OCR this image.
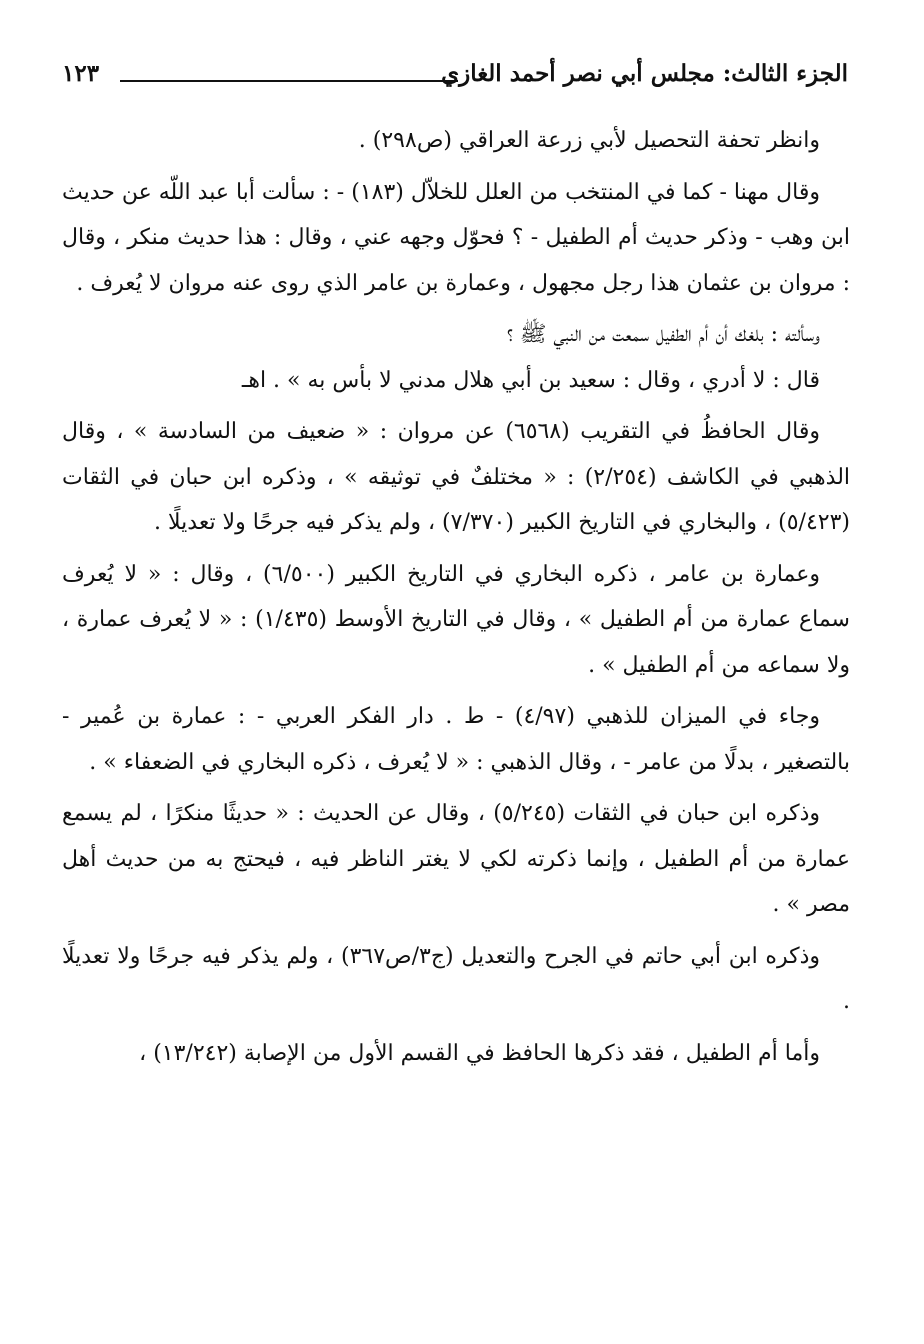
الجزء الثالث: مجلس أبي نصر أحمد الغازي
١٢٣

وانظر تحفة التحصيل لأبي زرعة العراقي (ص٢٩٨) .

وقال مهنا - كما في المنتخب من العلل للخلاّل (١٨٣) - : سألت أبا عبد اللّه عن حديث ابن وهب - وذكر حديث أم الطفيل - ؟ فحوّل وجهه عني ، وقال : هذا حديث منكر ، وقال : مروان بن عثمان هذا رجل مجهول ، وعمارة بن عامر الذي روى عنه مروان لا يُعرف .

وسألته : بلغك أن أم الطفيل سمعت من النبي ﷺ ؟

قال : لا أدري ، وقال : سعيد بن أبي هلال مدني لا بأس به » . اهـ

وقال الحافظُ في التقريب (٦٥٦٨) عن مروان : « ضعيف من السادسة » ، وقال الذهبي في الكاشف (٢/٢٥٤) : « مختلفٌ في توثيقه » ، وذكره ابن حبان في الثقات (٥/٤٢٣) ، والبخاري في التاريخ الكبير (٧/٣٧٠) ، ولم يذكر فيه جرحًا ولا تعديلًا .

وعمارة بن عامر ، ذكره البخاري في التاريخ الكبير (٦/٥٠٠) ، وقال : « لا يُعرف سماع عمارة من أم الطفيل » ، وقال في التاريخ الأوسط (١/٤٣٥) : « لا يُعرف عمارة ، ولا سماعه من أم الطفيل » .

وجاء في الميزان للذهبي (٤/٩٧) - ط . دار الفكر العربي - : عمارة بن عُمير - بالتصغير ، بدلًا من عامر - ، وقال الذهبي : « لا يُعرف ، ذكره البخاري في الضعفاء » .

وذكره ابن حبان في الثقات (٥/٢٤٥) ، وقال عن الحديث : « حديثًا منكرًا ، لم يسمع عمارة من أم الطفيل ، وإنما ذكرته لكي لا يغتر الناظر فيه ، فيحتج به من حديث أهل مصر » .

وذكره ابن أبي حاتم في الجرح والتعديل (ج٣/ص٣٦٧) ، ولم يذكر فيه جرحًا ولا تعديلًا .

وأما أم الطفيل ، فقد ذكرها الحافظ في القسم الأول من الإصابة (١٣/٢٤٢) ،
